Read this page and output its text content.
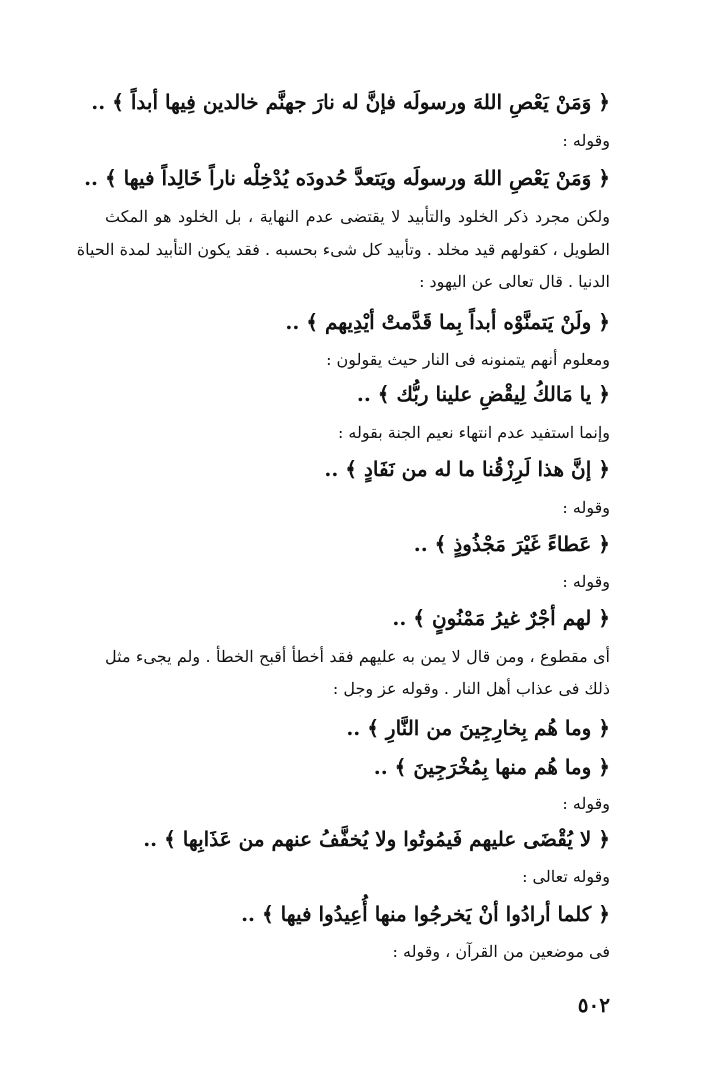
﴿ وَمَنْ يَعْصِ اللهَ ورسولَه فإنَّ له نارَ جهنَّم خالدين فِيها أبداً ﴾ ..
وقوله :
﴿ وَمَنْ يَعْصِ اللهَ ورسولَه ويَتعدَّ حُدودَه يُدْخِلْه ناراً خَالِداً فيها ﴾ ..
ولكن مجرد ذكر الخلود والتأبيد لا يقتضى عدم النهاية ، بل الخلود هو المكث
الطويل ، كقولهم قيد مخلد . وتأبيد كل شىء بحسبه . فقد يكون التأبيد لمدة الحياة
الدنيا . قال تعالى عن اليهود :
﴿ ولَنْ يَتمنَّوْه أبداً بِما قَدَّمتْ أيْدِيهم ﴾ ..
ومعلوم أنهم يتمنونه فى النار حيث يقولون :
﴿ يا مَالكُ لِيقْضِ علينا ربُّك ﴾ ..
وإنما استفيد عدم انتهاء نعيم الجنة بقوله :
﴿ إنَّ هذا لَرِزْقُنا ما له من نَفَادٍ ﴾ ..
وقوله :
﴿ عَطاءً غَيْرَ مَجْذُوذٍ ﴾ ..
وقوله :
﴿ لهم أجْرٌ غيرُ مَمْنُونٍ ﴾ ..
أى مقطوع ، ومن قال لا يمن به عليهم فقد أخطأ أقبح الخطأ . ولم يجىء مثل
ذلك فى عذاب أهل النار . وقوله عز وجل :
﴿ وما هُم بِخارِجِينَ من النَّارِ ﴾ ..
﴿ وما هُم منها بِمُخْرَجِينَ ﴾ ..
وقوله :
﴿ لا يُقْضَى عليهم فَيمُوتُوا ولا يُخفَّفُ عنهم من عَذَابِها ﴾ ..
وقوله تعالى :
﴿ كلما أرادُوا أنْ يَخرجُوا منها أُعِيدُوا فيها ﴾ ..
فى موضعين من القرآن ، وقوله :
٥٠٢
